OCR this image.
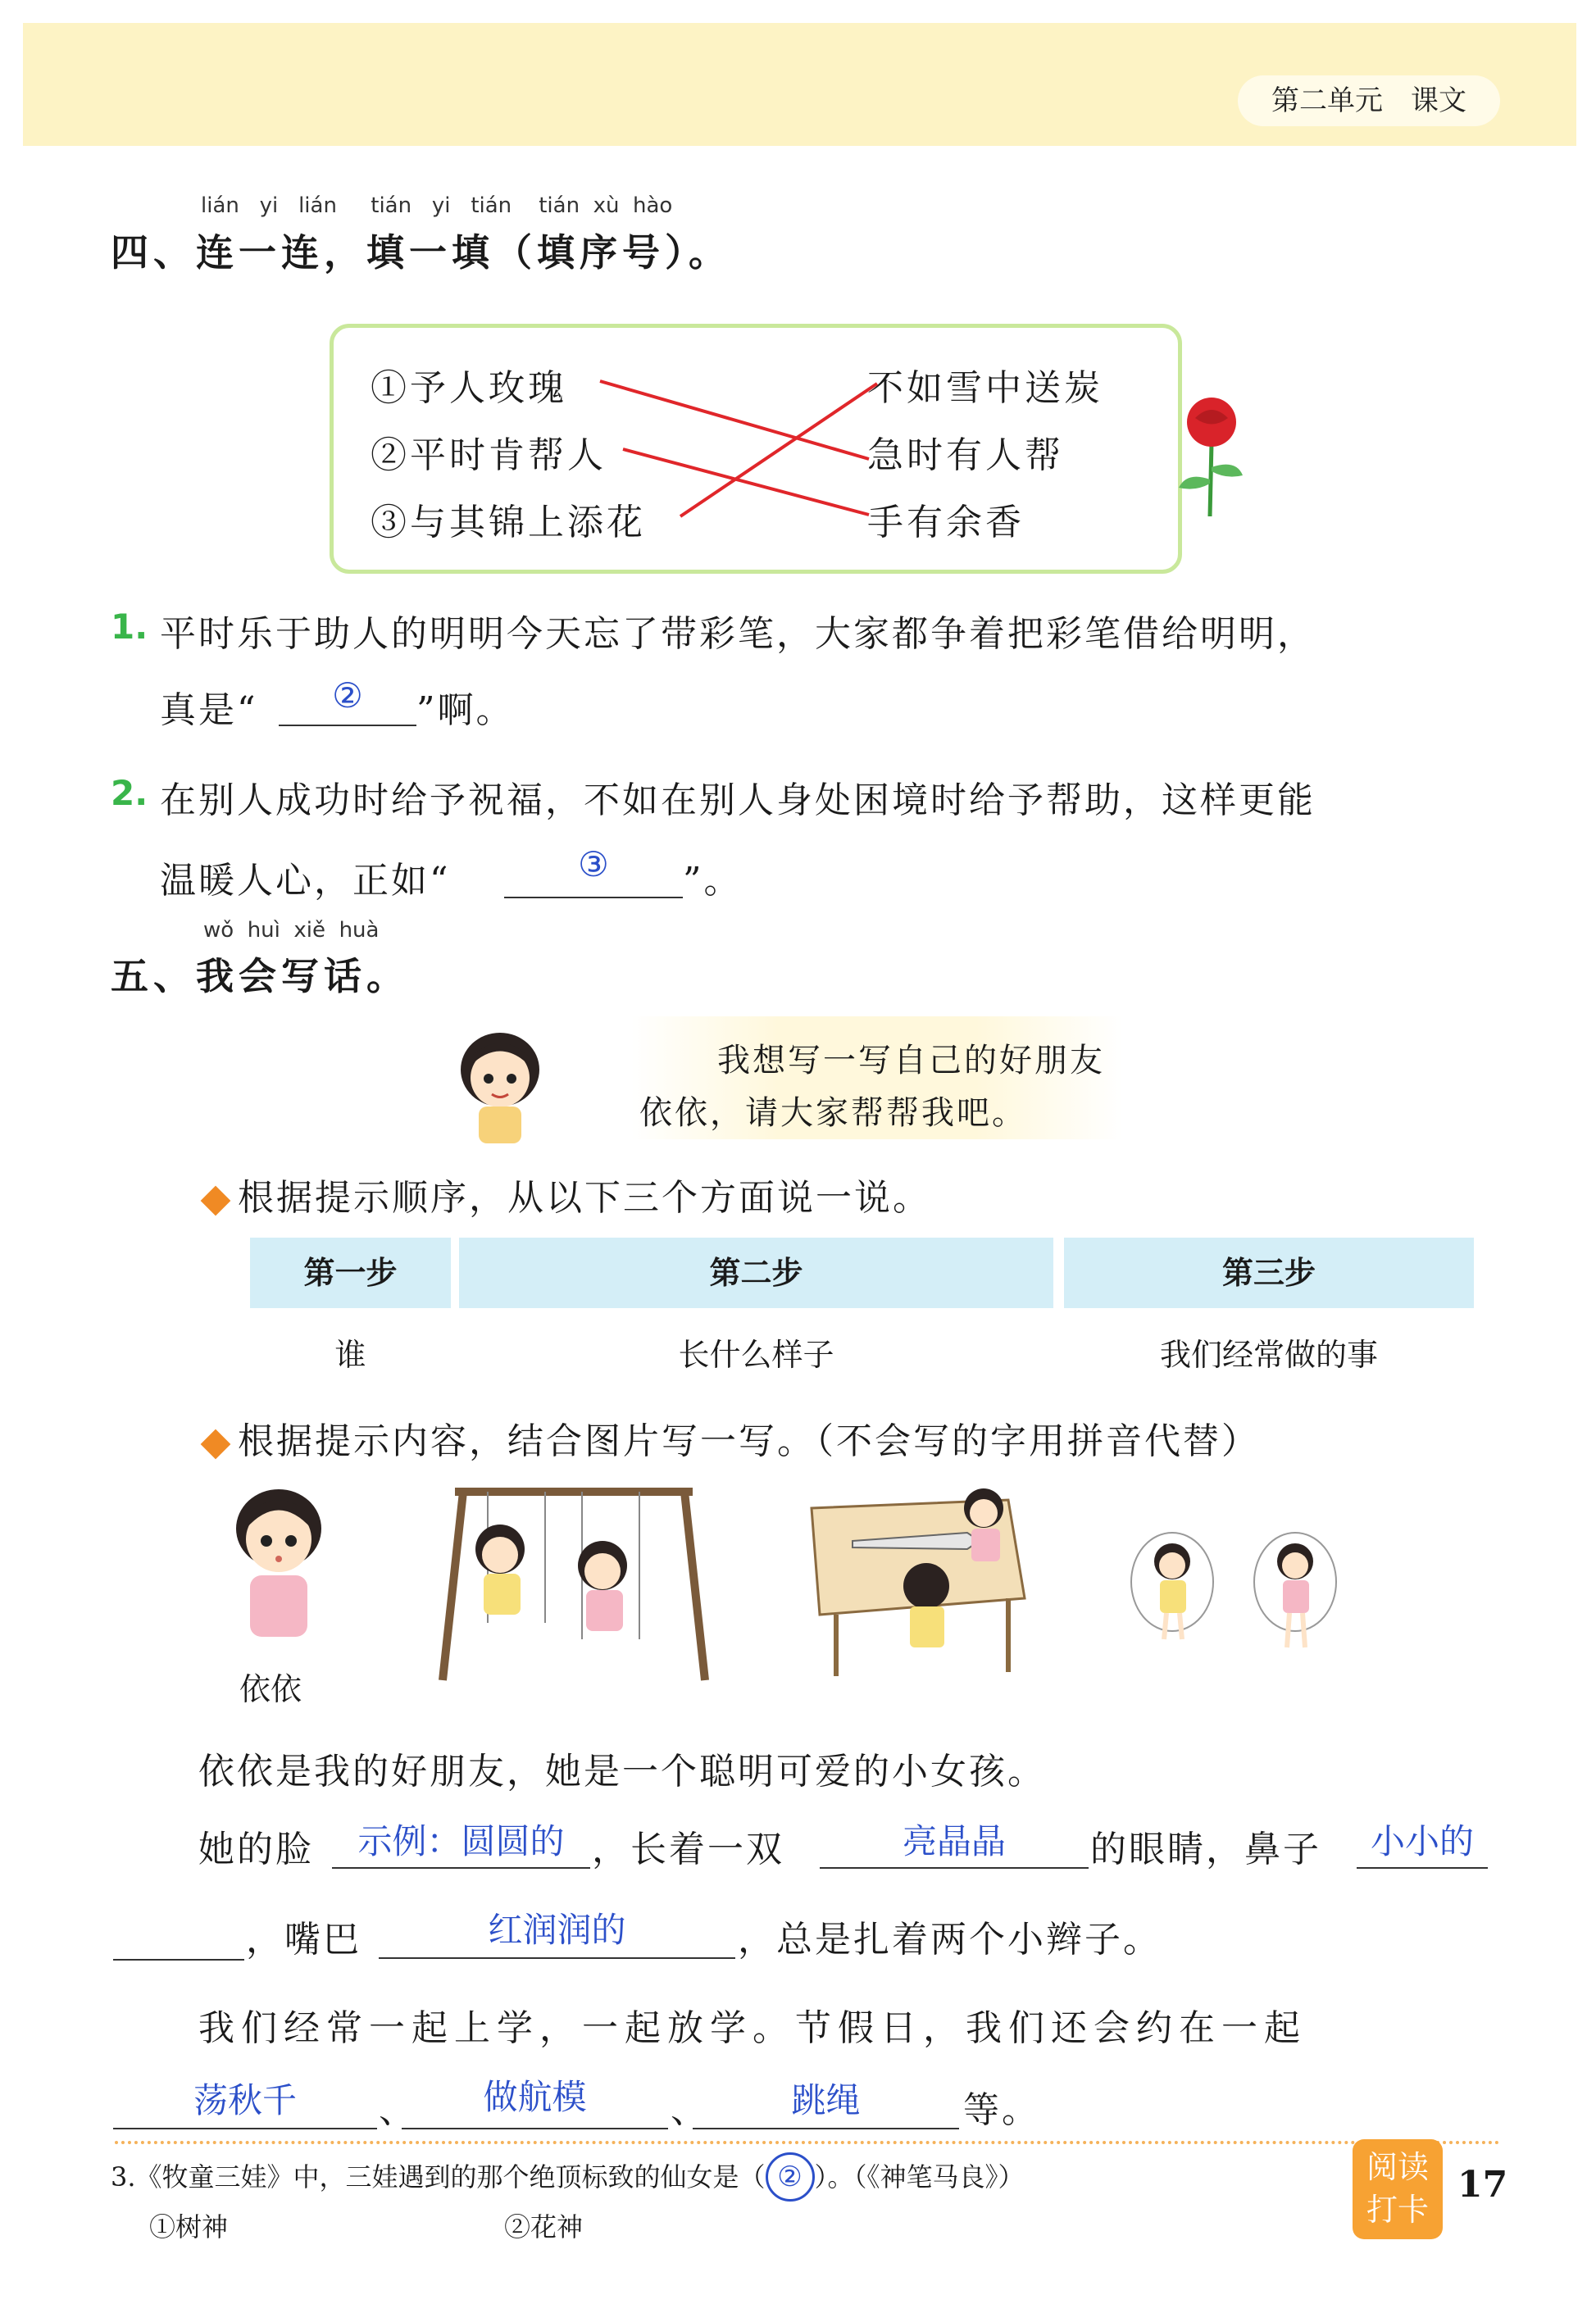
第二单元　课文
lián yi lián tián yi tián tián xù hào
四、连一连，填一填（填序号）。
①予人玫瑰
②平时肯帮人
③与其锦上添花
不如雪中送炭
急时有人帮
手有余香
1. 平时乐于助人的明明今天忘了带彩笔，大家都争着把彩笔借给明明，
真是“	②	”啊。
2. 在别人成功时给予祝福，不如在别人身处困境时给予帮助，这样更能
温暖人心，正如“	③	”。
wǒ huì xiě huà
五、我会写话。
我想写一写自己的好朋友
依依，请大家帮帮我吧。
根据提示顺序，从以下三个方面说一说。
第一步	第二步	第三步
谁	长什么样子	我们经常做的事
根据提示内容，结合图片写一写。（不会写的字用拼音代替）
依依
依依是我的好朋友，她是一个聪明可爱的小女孩。
她的脸	示例：圆圆的 ，长着一双	亮晶晶	的眼睛，鼻子	小小的
，嘴巴	红润润的	，总是扎着两个小辫子。
我们经常一起上学，一起放学。节假日，我们还会约在一起
荡秋千	、	做航模	、	跳绳	等。
3.《牧童三娃》中，三娃遇到的那个绝顶标致的仙女是（ ② ）。（《神笔马良》）
①树神	②花神
阅读
打卡
17
